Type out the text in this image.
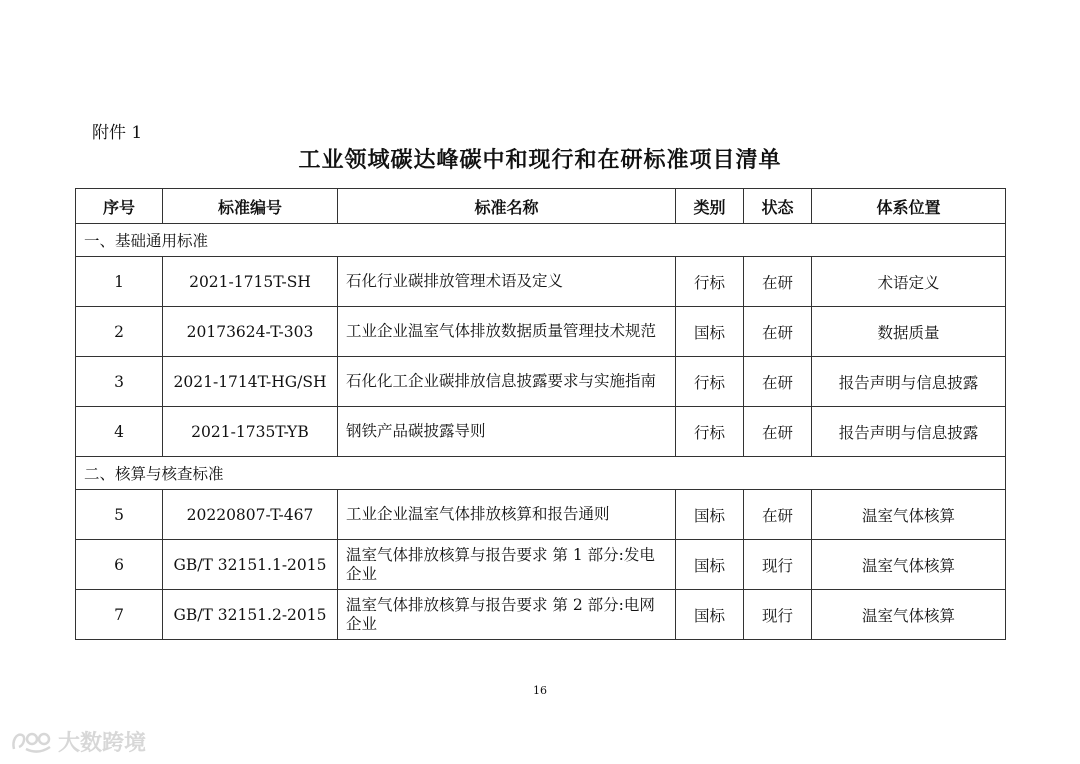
附件 1
工业领域碳达峰碳中和现行和在研标准项目清单
序号	标准编号	标准名称	类别	状态	体系位置
一、基础通用标准					
1	2021-1715T-SH	石化行业碳排放管理术语及定义	行标	在研	术语定义
2	20173624-T-303	工业企业温室气体排放数据质量管理技术规范	国标	在研	数据质量
3	2021-1714T-HG/SH	石化化工企业碳排放信息披露要求与实施指南	行标	在研	报告声明与信息披露
4	2021-1735T-YB	钢铁产品碳披露导则	行标	在研	报告声明与信息披露
二、核算与核查标准					
5	20220807-T-467	工业企业温室气体排放核算和报告通则	国标	在研	温室气体核算
6	GB/T 32151.1-2015	温室气体排放核算与报告要求 第 1 部分:发电企业	国标	现行	温室气体核算
7	GB/T 32151.2-2015	温室气体排放核算与报告要求 第 2 部分:电网企业	国标	现行	温室气体核算
16
大数跨境
